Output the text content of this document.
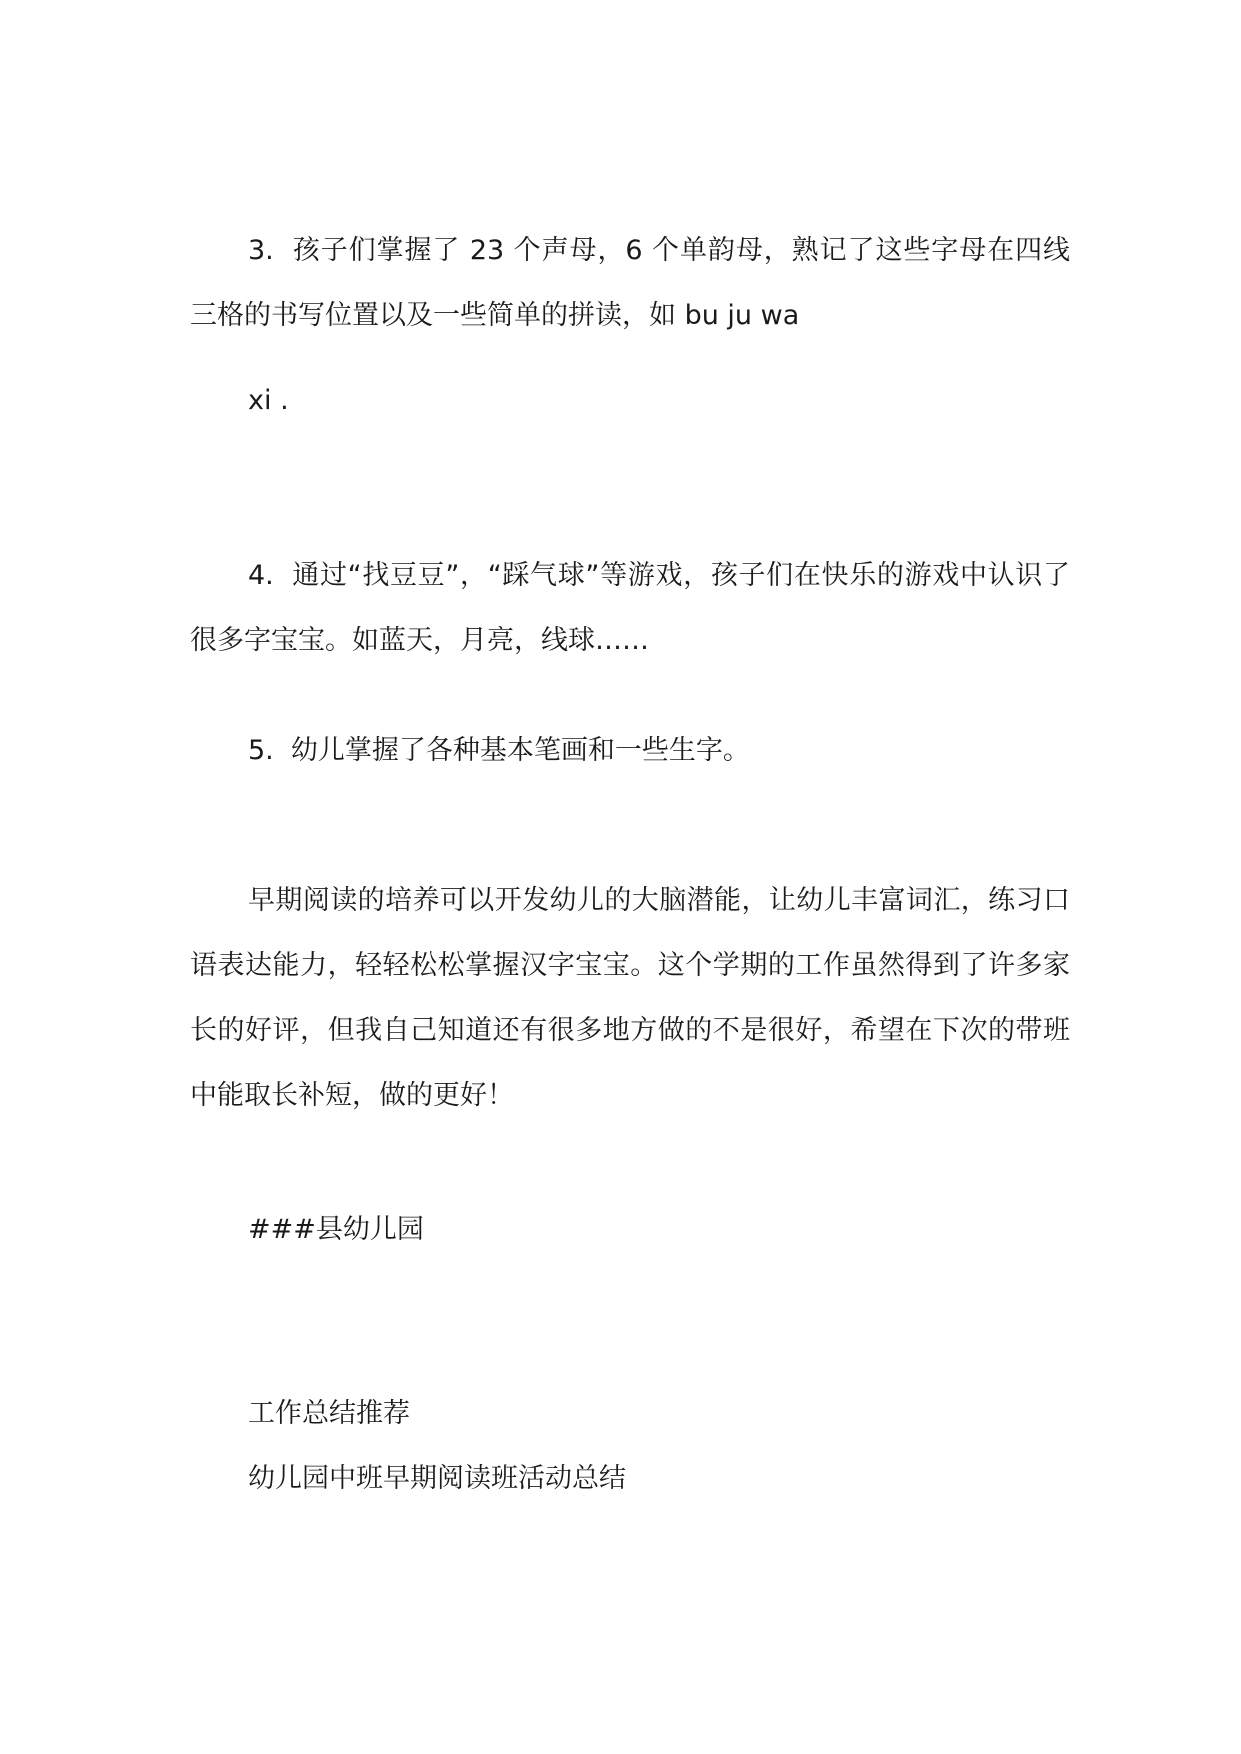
3.  孩子们掌握了 23 个声母，6 个单韵母，熟记了这些字母在四线三格的书写位置以及一些简单的拼读，如 bu ju wa

xi .

4.  通过“找豆豆”，“踩气球”等游戏，孩子们在快乐的游戏中认识了很多字宝宝。如蓝天，月亮，线球……

5.  幼儿掌握了各种基本笔画和一些生字。

早期阅读的培养可以开发幼儿的大脑潜能，让幼儿丰富词汇，练习口语表达能力，轻轻松松掌握汉字宝宝。这个学期的工作虽然得到了许多家长的好评，但我自己知道还有很多地方做的不是很好，希望在下次的带班中能取长补短，做的更好！

###县幼儿园

工作总结推荐

幼儿园中班早期阅读班活动总结
